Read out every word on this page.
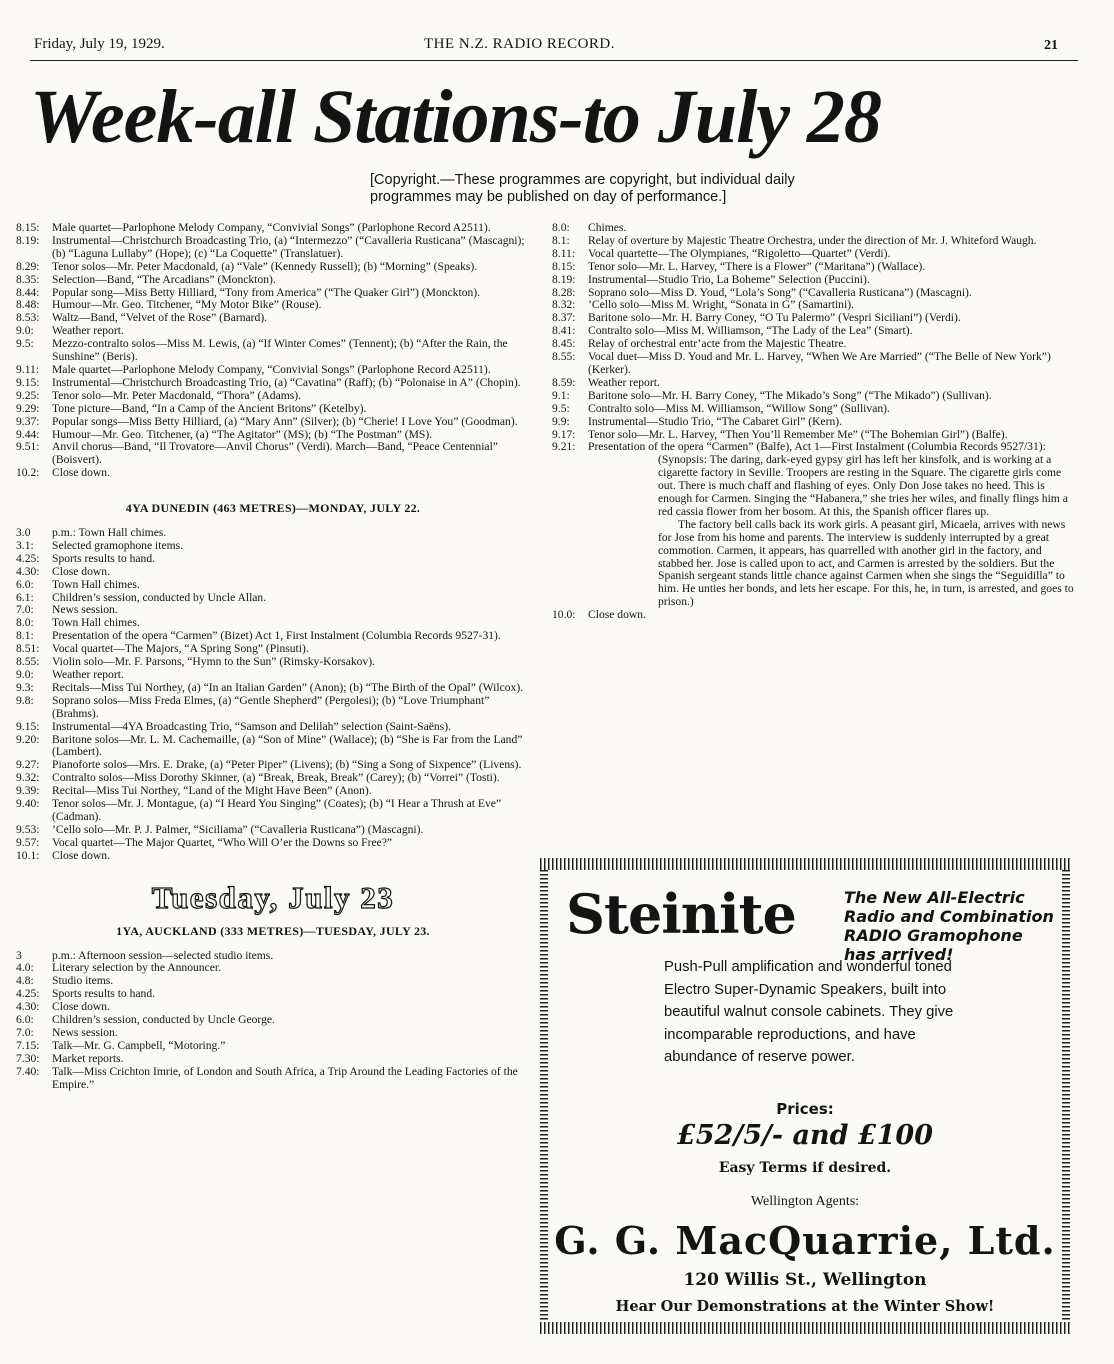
Friday, July 19, 1929.	THE N.Z. RADIO RECORD.	21
Week-all Stations-to July 28
[Copyright.—These programmes are copyright, but individual daily programmes may be published on day of performance.]
8.15:	Male quartet—Parlophone Melody Company, “Convivial Songs” (Parlophone Record A2511).
8.19:	Instrumental—Christchurch Broadcasting Trio, (a) “Intermezzo” (“Cavalleria Rusticana” (Mascagni); (b) “Laguna Lullaby” (Hope); (c) “La Coquette” (Translatuer).
8.29:	Tenor solos—Mr. Peter Macdonald, (a) “Vale” (Kennedy Russell); (b) “Morning” (Speaks).
8.35:	Selection—Band, “The Arcadians” (Monckton).
8.44:	Popular song—Miss Betty Hilliard, “Tony from America” (“The Quaker Girl”) (Monckton).
8.48:	Humour—Mr. Geo. Titchener, “My Motor Bike” (Rouse).
8.53:	Waltz—Band, “Velvet of the Rose” (Barnard).
9.0:	Weather report.
9.5:	Mezzo-contralto solos—Miss M. Lewis, (a) “If Winter Comes” (Tennent); (b) “After the Rain, the Sunshine” (Beris).
9.11:	Male quartet—Parlophone Melody Company, “Convivial Songs” (Parlophone Record A2511).
9.15:	Instrumental—Christchurch Broadcasting Trio, (a) “Cavatina” (Raff); (b) “Polonaise in A” (Chopin).
9.25:	Tenor solo—Mr. Peter Macdonald, “Thora” (Adams).
9.29:	Tone picture—Band, “In a Camp of the Ancient Britons” (Ketelby).
9.37:	Popular songs—Miss Betty Hilliard, (a) “Mary Ann” (Silver); (b) “Cherie! I Love You” (Goodman).
9.44:	Humour—Mr. Geo. Titchener, (a) “The Agitator” (MS); (b) “The Postman” (MS).
9.51:	Anvil chorus—Band, “Il Trovatore—Anvil Chorus” (Verdi). March—Band, “Peace Centennial” (Boisvert).
10.2:	Close down.
4YA DUNEDIN (463 METRES)—MONDAY, JULY 22.
3.0	p.m.: Town Hall chimes.
3.1:	Selected gramophone items.
4.25:	Sports results to hand.
4.30:	Close down.
6.0:	Town Hall chimes.
6.1:	Children’s session, conducted by Uncle Allan.
7.0:	News session.
8.0:	Town Hall chimes.
8.1:	Presentation of the opera “Carmen” (Bizet) Act 1, First Instalment (Columbia Records 9527-31).
8.51:	Vocal quartet—The Majors, “A Spring Song” (Pinsuti).
8.55:	Violin solo—Mr. F. Parsons, “Hymn to the Sun” (Rimsky-Korsakov).
9.0:	Weather report.
9.3:	Recitals—Miss Tui Northey, (a) “In an Italian Garden” (Anon); (b) “The Birth of the Opal” (Wilcox).
9.8:	Soprano solos—Miss Freda Elmes, (a) “Gentle Shepherd” (Pergolesi); (b) “Love Triumphant” (Brahms).
9.15:	Instrumental—4YA Broadcasting Trio, “Samson and Delilah” selection (Saint-Saëns).
9.20:	Baritone solos—Mr. L. M. Cachemaille, (a) “Son of Mine” (Wallace); (b) “She is Far from the Land” (Lambert).
9.27:	Pianoforte solos—Mrs. E. Drake, (a) “Peter Piper” (Livens); (b) “Sing a Song of Sixpence” (Livens).
9.32:	Contralto solos—Miss Dorothy Skinner, (a) “Break, Break, Break” (Carey); (b) “Vorrei” (Tosti).
9.39:	Recital—Miss Tui Northey, “Land of the Might Have Been” (Anon).
9.40:	Tenor solos—Mr. J. Montague, (a) “I Heard You Singing” (Coates); (b) “I Hear a Thrush at Eve” (Cadman).
9.53:	’Cello solo—Mr. P. J. Palmer, “Siciliama” (“Cavalleria Rusticana”) (Mascagni).
9.57:	Vocal quartet—The Major Quartet, “Who Will O’er the Downs so Free?”
10.1:	Close down.
Tuesday, July 23
1YA, AUCKLAND (333 METRES)—TUESDAY, JULY 23.
3	p.m.: Afternoon session—selected studio items.
4.0:	Literary selection by the Announcer.
4.8:	Studio items.
4.25:	Sports results to hand.
4.30:	Close down.
6.0:	Children’s session, conducted by Uncle George.
7.0:	News session.
7.15:	Talk—Mr. G. Campbell, “Motoring.”
7.30:	Market reports.
7.40:	Talk—Miss Crichton Imrie, of London and South Africa, a Trip Around the Leading Factories of the Empire.”
8.0:	Chimes.
8.1:	Relay of overture by Majestic Theatre Orchestra, under the direction of Mr. J. Whiteford Waugh.
8.11:	Vocal quartette—The Olympianes, “Rigoletto—Quartet” (Verdi).
8.15:	Tenor solo—Mr. L. Harvey, “There is a Flower” (“Maritana”) (Wallace).
8.19:	Instrumental—Studio Trio, La Boheme” Selection (Puccini).
8.28:	Soprano solo—Miss D. Youd, “Lola’s Song” (“Cavalleria Rusticana”) (Mascagni).
8.32:	’Cello solo—Miss M. Wright, “Sonata in G” (Samartini).
8.37:	Baritone solo—Mr. H. Barry Coney, “O Tu Palermo” (Vespri Siciliani”) (Verdi).
8.41:	Contralto solo—Miss M. Williamson, “The Lady of the Lea” (Smart).
8.45:	Relay of orchestral entr’acte from the Majestic Theatre.
8.55:	Vocal duet—Miss D. Youd and Mr. L. Harvey, “When We Are Married” (“The Belle of New York”) (Kerker).
8.59:	Weather report.
9.1:	Baritone solo—Mr. H. Barry Coney, “The Mikado’s Song” (“The Mikado”) (Sullivan).
9.5:	Contralto solo—Miss M. Williamson, “Willow Song” (Sullivan).
9.9:	Instrumental—Studio Trio, “The Cabaret Girl” (Kern).
9.17:	Tenor solo—Mr. L. Harvey, “Then You’ll Remember Me” (“The Bohemian Girl”) (Balfe).
9.21:	Presentation of the opera “Carmen” (Balfe), Act 1—First Instalment (Columbia Records 9527/31):

(Synopsis: The daring, dark-eyed gypsy girl has left her kinsfolk, and is working at a cigarette factory in Seville. Troopers are resting in the Square. The cigarette girls come out. There is much chaff and flashing of eyes. Only Don Jose takes no heed. This is enough for Carmen. Singing the “Habanera,” she tries her wiles, and finally flings him a red cassia flower from her bosom. At this, the Spanish officer flares up.

The factory bell calls back its work girls. A peasant girl, Micaela, arrives with news for Jose from his home and parents. The interview is suddenly interrupted by a great commotion. Carmen, it appears, has quarrelled with another girl in the factory, and stabbed her. Jose is called upon to act, and Carmen is arrested by the soldiers. But the Spanish sergeant stands little chance against Carmen when she sings the “Seguidilla” to him. He unties her bonds, and lets her escape. For this, he, in turn, is arrested, and goes to prison.)

10.0:	Close down.
Steinite	The New All-Electric Radio and Combination RADIO Gramophone has arrived!
Push-Pull amplification and wonderful toned Electro Super-Dynamic Speakers, built into beautiful walnut console cabinets. They give incomparable reproductions, and have abundance of reserve power.
Prices:
£52/5/- and £100
Easy Terms if desired.
Wellington Agents:
G. G. MacQuarrie, Ltd.
120 Willis St., Wellington
Hear Our Demonstrations at the Winter Show!
